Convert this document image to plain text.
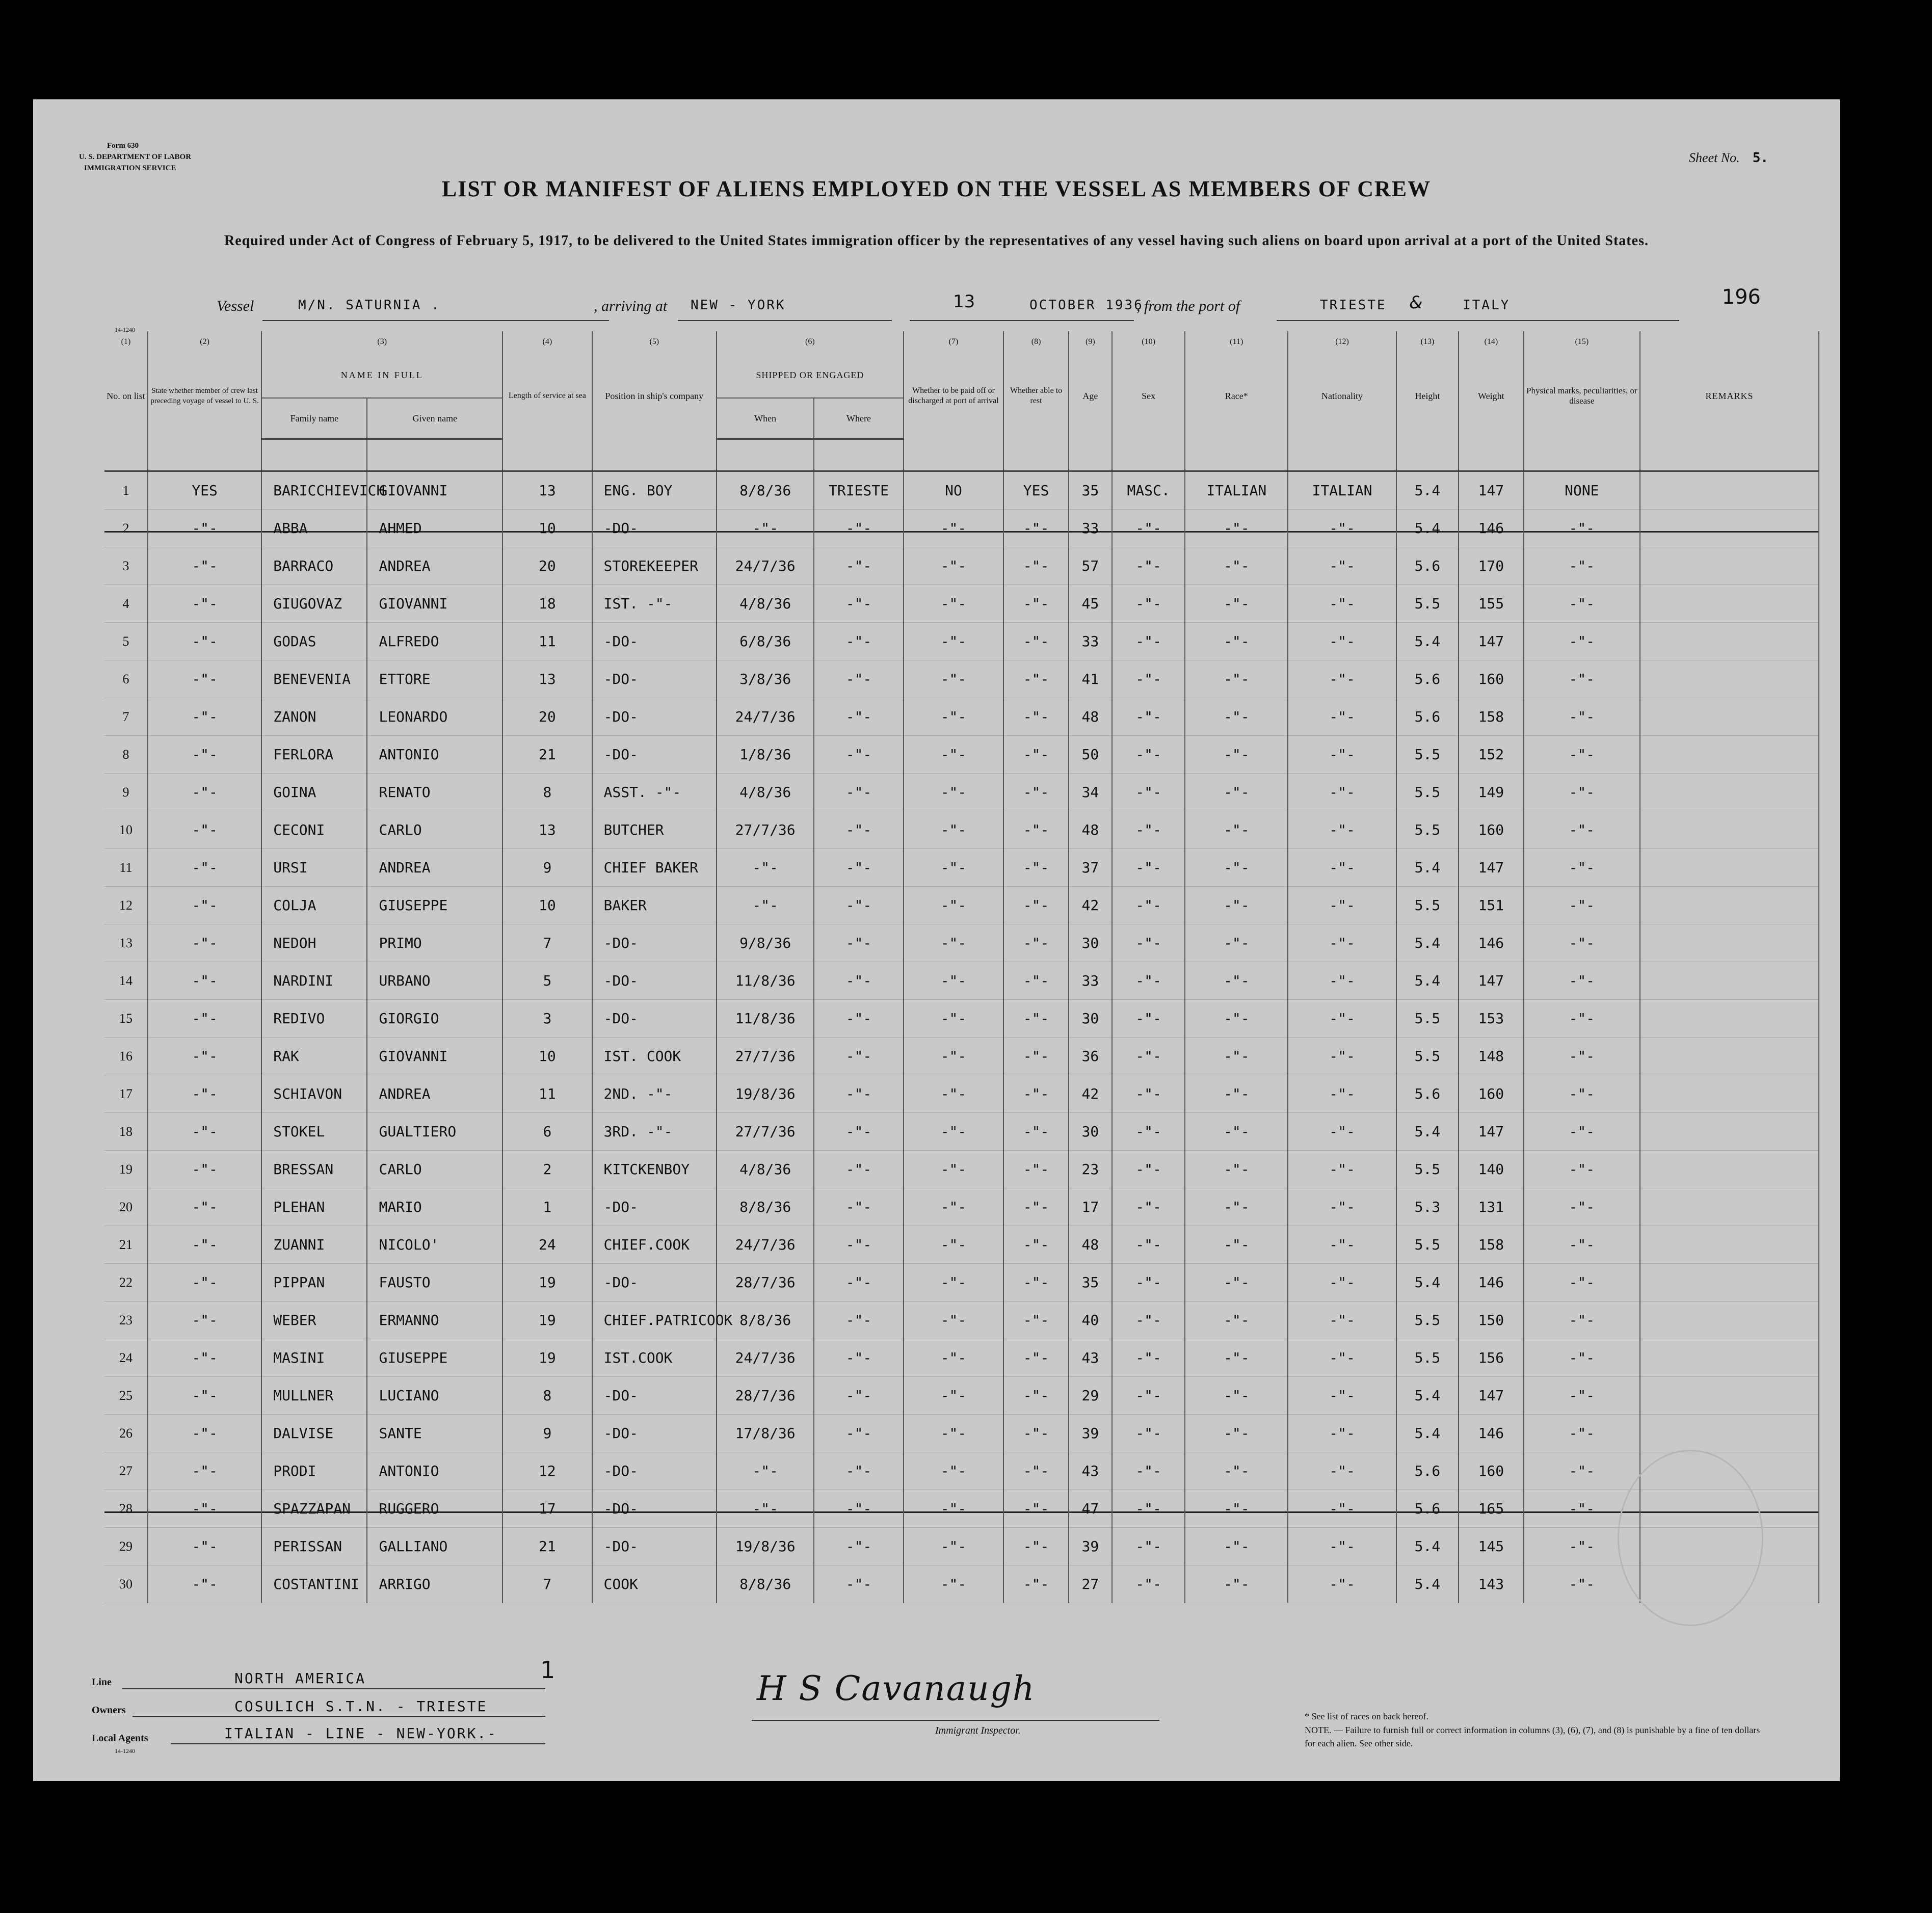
Form 630
U. S. DEPARTMENT OF LABOR
IMMIGRATION SERVICE
Sheet No. 5.
LIST OR MANIFEST OF ALIENS EMPLOYED ON THE VESSEL AS MEMBERS OF CREW
Required under Act of Congress of February 5, 1917, to be delivered to the United States immigration officer by the representatives of any vessel having such aliens on board upon arrival at a port of the United States.
Vessel	M/N. SATURNIA .	, arriving at NEW - YORK	13	OCTOBER 1936
, from the port of	TRIESTE &	ITALY	196
14-1240
(1)	(2)	(3)		(4)	(5)	(6)		(7)	(8)	(9)	(10)	(11)	(12)	(13)	(14)	(15)	
No. on list	State whether member of crew last preceding voyage of vessel to U. S.	NAME IN FULL		Length of service at sea	Position in ship's company	SHIPPED OR ENGAGED		Whether to be paid off or discharged at port of arrival	Whether able to rest	Age	Sex	Race*	Nationality	Height	Weight	Physical marks, peculiarities, or disease	REMARKS
		Family name	Given name			When	Where										

1	YES	BARICCHIEVICH	GIOVANNI	13	ENG. BOY	8/8/36	TRIESTE	NO	YES	35	MASC.	ITALIAN	ITALIAN	5.4	147	NONE	
2	-"-	ABBA	AHMED	10	-DO-	-"-	-"-	-"-	-"-	33	-"-	-"-	-"-	5.4	146	-"-	
3	-"-	BARRACO	ANDREA	20	STOREKEEPER	24/7/36	-"-	-"-	-"-	57	-"-	-"-	-"-	5.6	170	-"-	
4	-"-	GIUGOVAZ	GIOVANNI	18	IST. -"-	4/8/36	-"-	-"-	-"-	45	-"-	-"-	-"-	5.5	155	-"-	
5	-"-	GODAS	ALFREDO	11	-DO-	6/8/36	-"-	-"-	-"-	33	-"-	-"-	-"-	5.4	147	-"-	
6	-"-	BENEVENIA	ETTORE	13	-DO-	3/8/36	-"-	-"-	-"-	41	-"-	-"-	-"-	5.6	160	-"-	
7	-"-	ZANON	LEONARDO	20	-DO-	24/7/36	-"-	-"-	-"-	48	-"-	-"-	-"-	5.6	158	-"-	
8	-"-	FERLORA	ANTONIO	21	-DO-	1/8/36	-"-	-"-	-"-	50	-"-	-"-	-"-	5.5	152	-"-	
9	-"-	GOINA	RENATO	8	ASST. -"-	4/8/36	-"-	-"-	-"-	34	-"-	-"-	-"-	5.5	149	-"-	
10	-"-	CECONI	CARLO	13	BUTCHER	27/7/36	-"-	-"-	-"-	48	-"-	-"-	-"-	5.5	160	-"-	
11	-"-	URSI	ANDREA	9	CHIEF BAKER	-"-	-"-	-"-	-"-	37	-"-	-"-	-"-	5.4	147	-"-	
12	-"-	COLJA	GIUSEPPE	10	BAKER	-"-	-"-	-"-	-"-	42	-"-	-"-	-"-	5.5	151	-"-	
13	-"-	NEDOH	PRIMO	7	-DO-	9/8/36	-"-	-"-	-"-	30	-"-	-"-	-"-	5.4	146	-"-	
14	-"-	NARDINI	URBANO	5	-DO-	11/8/36	-"-	-"-	-"-	33	-"-	-"-	-"-	5.4	147	-"-	
15	-"-	REDIVO	GIORGIO	3	-DO-	11/8/36	-"-	-"-	-"-	30	-"-	-"-	-"-	5.5	153	-"-	
16	-"-	RAK	GIOVANNI	10	IST. COOK	27/7/36	-"-	-"-	-"-	36	-"-	-"-	-"-	5.5	148	-"-	
17	-"-	SCHIAVON	ANDREA	11	2ND. -"-	19/8/36	-"-	-"-	-"-	42	-"-	-"-	-"-	5.6	160	-"-	
18	-"-	STOKEL	GUALTIERO	6	3RD. -"-	27/7/36	-"-	-"-	-"-	30	-"-	-"-	-"-	5.4	147	-"-	
19	-"-	BRESSAN	CARLO	2	KITCKENBOY	4/8/36	-"-	-"-	-"-	23	-"-	-"-	-"-	5.5	140	-"-	
20	-"-	PLEHAN	MARIO	1	-DO-	8/8/36	-"-	-"-	-"-	17	-"-	-"-	-"-	5.3	131	-"-	
21	-"-	ZUANNI	NICOLO'	24	CHIEF.COOK	24/7/36	-"-	-"-	-"-	48	-"-	-"-	-"-	5.5	158	-"-	
22	-"-	PIPPAN	FAUSTO	19	-DO-	28/7/36	-"-	-"-	-"-	35	-"-	-"-	-"-	5.4	146	-"-	
23	-"-	WEBER	ERMANNO	19	CHIEF.PATRICOOK	8/8/36	-"-	-"-	-"-	40	-"-	-"-	-"-	5.5	150	-"-	
24	-"-	MASINI	GIUSEPPE	19	IST.COOK	24/7/36	-"-	-"-	-"-	43	-"-	-"-	-"-	5.5	156	-"-	
25	-"-	MULLNER	LUCIANO	8	-DO-	28/7/36	-"-	-"-	-"-	29	-"-	-"-	-"-	5.4	147	-"-	
26	-"-	DALVISE	SANTE	9	-DO-	17/8/36	-"-	-"-	-"-	39	-"-	-"-	-"-	5.4	146	-"-	
27	-"-	PRODI	ANTONIO	12	-DO-	-"-	-"-	-"-	-"-	43	-"-	-"-	-"-	5.6	160	-"-	
28	-"-	SPAZZAPAN	RUGGERO	17	-DO-	-"-	-"-	-"-	-"-	47	-"-	-"-	-"-	5.6	165	-"-	
29	-"-	PERISSAN	GALLIANO	21	-DO-	19/8/36	-"-	-"-	-"-	39	-"-	-"-	-"-	5.4	145	-"-	
30	-"-	COSTANTINI	ARRIGO	7	COOK	8/8/36	-"-	-"-	-"-	27	-"-	-"-	-"-	5.4	143	-"-	
Line	NORTH AMERICA
Owners	COSULICH S.T.N. - TRIESTE
Local Agents	ITALIAN - LINE - NEW-YORK.-
14-1240
1	H S Cavanaugh
Immigrant Inspector.
* See list of races on back hereof.
NOTE. — Failure to furnish full or correct information in columns (3), (6), (7), and (8) is punishable by a fine of ten dollars for each alien. See other side.
